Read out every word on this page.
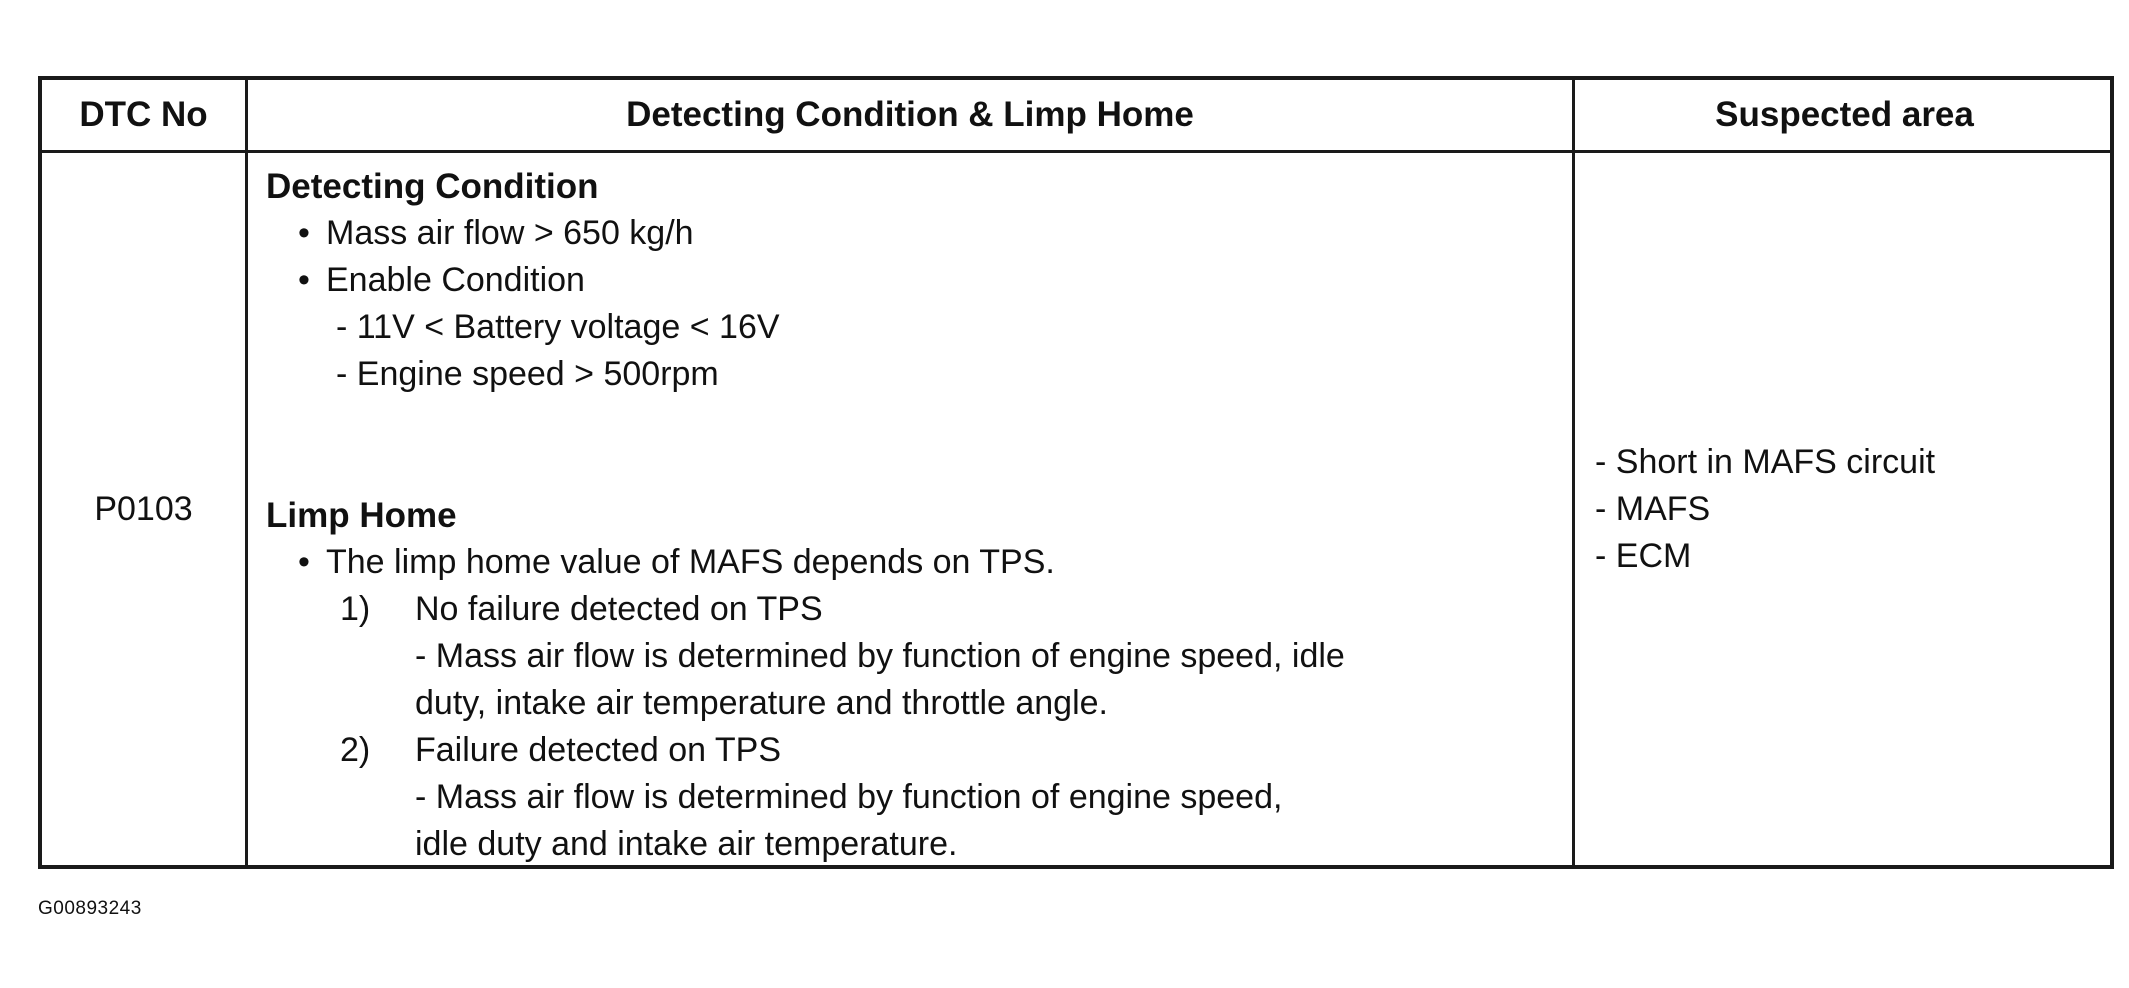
DTC No	Detecting Condition & Limp Home	Suspected area
P0103
Detecting Condition
• Mass air flow > 650 kg/h
• Enable Condition
- 11V < Battery voltage < 16V
- Engine speed > 500rpm
Limp Home
• The limp home value of MAFS depends on TPS.
1) No failure detected on TPS
- Mass air flow is determined by function of engine speed, idle
duty, intake air temperature and throttle angle.
2) Failure detected on TPS
- Mass air flow is determined by function of engine speed,
idle duty and intake air temperature.
- Short in MAFS circuit
- MAFS
- ECM
G00893243
